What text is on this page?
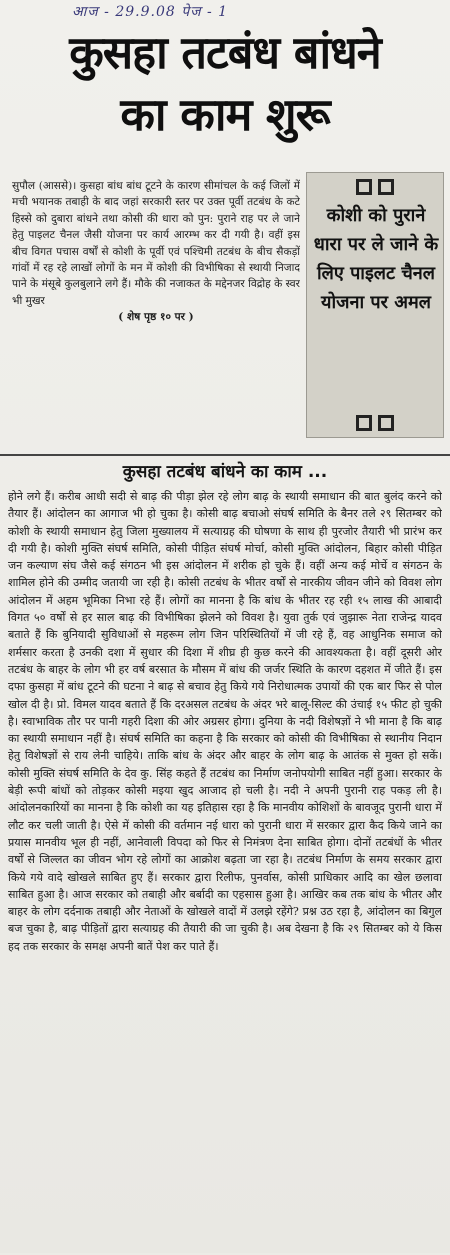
आज - 29.9.08 पेज - 1
कुसहा तटबंध बांधने
का काम शुरू
सुपौल (आससे)। कुसहा बांध बांध टूटने के कारण सीमांचल के कई जिलों में मची भयानक तबाही के बाद जहां सरकारी स्तर पर उक्त पूर्वी तटबंध के कटे हिस्से को दुबारा बांधने तथा कोसी की धारा को पुन: पुराने राह पर ले जाने हेतु पाइलट चैनल जैसी योजना पर कार्य आरम्भ कर दी गयी है। वहीं इस बीच विगत पचास वर्षों से कोशी के पूर्वी एवं पश्चिमी तटबंध के बीच सैकड़ों गांवों में रह रहे लाखों लोगों के मन में कोशी की विभीषिका से स्थायी निजाद पाने के मंसूबे कुलबुलाने लगे हैं। मौके की नजाकत के मद्देनजर विद्रोह के स्वर भी मुखर
( शेष पृष्ठ १० पर )
कोशी को पुराने धारा पर ले जाने के लिए पाइलट चैनल योजना पर अमल
कुसहा तटबंध बांधने का काम ...
होने लगे हैं। करीब आधी सदी से बाढ़ की पीड़ा झेल रहे लोग बाढ़ के स्थायी समाधान की बात बुलंद करने को तैयार हैं। आंदोलन का आगाज भी हो चुका है। कोसी बाढ़ बचाओ संघर्ष समिति के बैनर तले २९ सितम्बर को कोशी के स्थायी समाधान हेतु जिला मुख्यालय में सत्याग्रह की घोषणा के साथ ही पुरजोर तैयारी भी प्रारंभ कर दी गयी है। कोशी मुक्ति संघर्ष समिति, कोसी पीड़ित संघर्ष मोर्चा, कोसी मुक्ति आंदोलन, बिहार कोसी पीड़ित जन कल्याण संघ जैसे कई संगठन भी इस आंदोलन में शरीक हो चुके हैं। वहीं अन्य कई मोर्चे व संगठन के शामिल होने की उम्मीद जतायी जा रही है। कोसी तटबंध के भीतर वर्षों से नारकीय जीवन जीने को विवश लोग आंदोलन में अहम भूमिका निभा रहे हैं। लोगों का मानना है कि बांध के भीतर रह रही १५ लाख की आबादी विगत ५० वर्षों से हर साल बाढ़ की विभीषिका झेलने को विवश है। युवा तुर्क एवं जुझारू नेता राजेन्द्र यादव बताते हैं कि बुनियादी सुविधाओं से महरूम लोग जिन परिस्थितियों में जी रहे हैं, वह आधुनिक समाज को शर्मसार करता है उनकी दशा में सुधार की दिशा में शीघ्र ही कुछ करने की आवश्यकता है। वहीं दूसरी ओर तटबंध के बाहर के लोग भी हर वर्ष बरसात के मौसम में बांध की जर्जर स्थिति के कारण दहशत में जीते हैं। इस दफा कुसहा में बांध टूटने की घटना ने बाढ़ से बचाव हेतु किये गये निरोधात्मक उपायों की एक बार फिर से पोल खोल दी है। प्रो. विमल यादव बताते हैं कि दरअसल तटबंध के अंदर भरे बालू-सिल्ट की उंचाई १५ फीट हो चुकी है। स्वाभाविक तौर पर पानी गहरी दिशा की ओर अग्रसर होगा। दुनिया के नदी विशेषज्ञों ने भी माना है कि बाढ़ का स्थायी समाधान नहीं है। संघर्ष समिति का कहना है कि सरकार को कोसी की विभीषिका से स्थानीय निदान हेतु विशेषज्ञों से राय लेनी चाहिये। ताकि बांध के अंदर और बाहर के लोग बाढ़ के आतंक से मुक्त हो सकें। कोसी मुक्ति संघर्ष समिति के देव कु. सिंह कहते हैं तटबंध का निर्माण जनोपयोगी साबित नहीं हुआ। सरकार के बेड़ी रूपी बांधों को तोड़कर कोसी मइया खुद आजाद हो चली है। नदी ने अपनी पुरानी राह पकड़ ली है। आंदोलनकारियों का मानना है कि कोशी का यह इतिहास रहा है कि मानवीय कोशिशों के बावजूद पुरानी धारा में लौट कर चली जाती है। ऐसे में कोसी की वर्तमान नई धारा को पुरानी धारा में सरकार द्वारा कैद किये जाने का प्रयास मानवीय भूल ही नहीं, आनेवाली विपदा को फिर से निमंत्रण देना साबित होगा। दोनों तटबंधों के भीतर वर्षों से जिल्लत का जीवन भोग रहे लोगों का आक्रोश बढ़ता जा रहा है। तटबंध निर्माण के समय सरकार द्वारा किये गये वादे खोखले साबित हुए हैं। सरकार द्वारा रिलीफ, पुनर्वास, कोसी प्राधिकार आदि का खेल छलावा साबित हुआ है। आज सरकार को तबाही और बर्बादी का एहसास हुआ है। आखिर कब तक बांध के भीतर और बाहर के लोग दर्दनाक तबाही और नेताओं के खोखले वादों में उलझे रहेंगे? प्रश्न उठ रहा है, आंदोलन का बिगुल बज चुका है, बाढ़ पीड़ितों द्वारा सत्याग्रह की तैयारी की जा चुकी है। अब देखना है कि २९ सितम्बर को ये किस हद तक सरकार के समक्ष अपनी बातें पेश कर पाते हैं।
